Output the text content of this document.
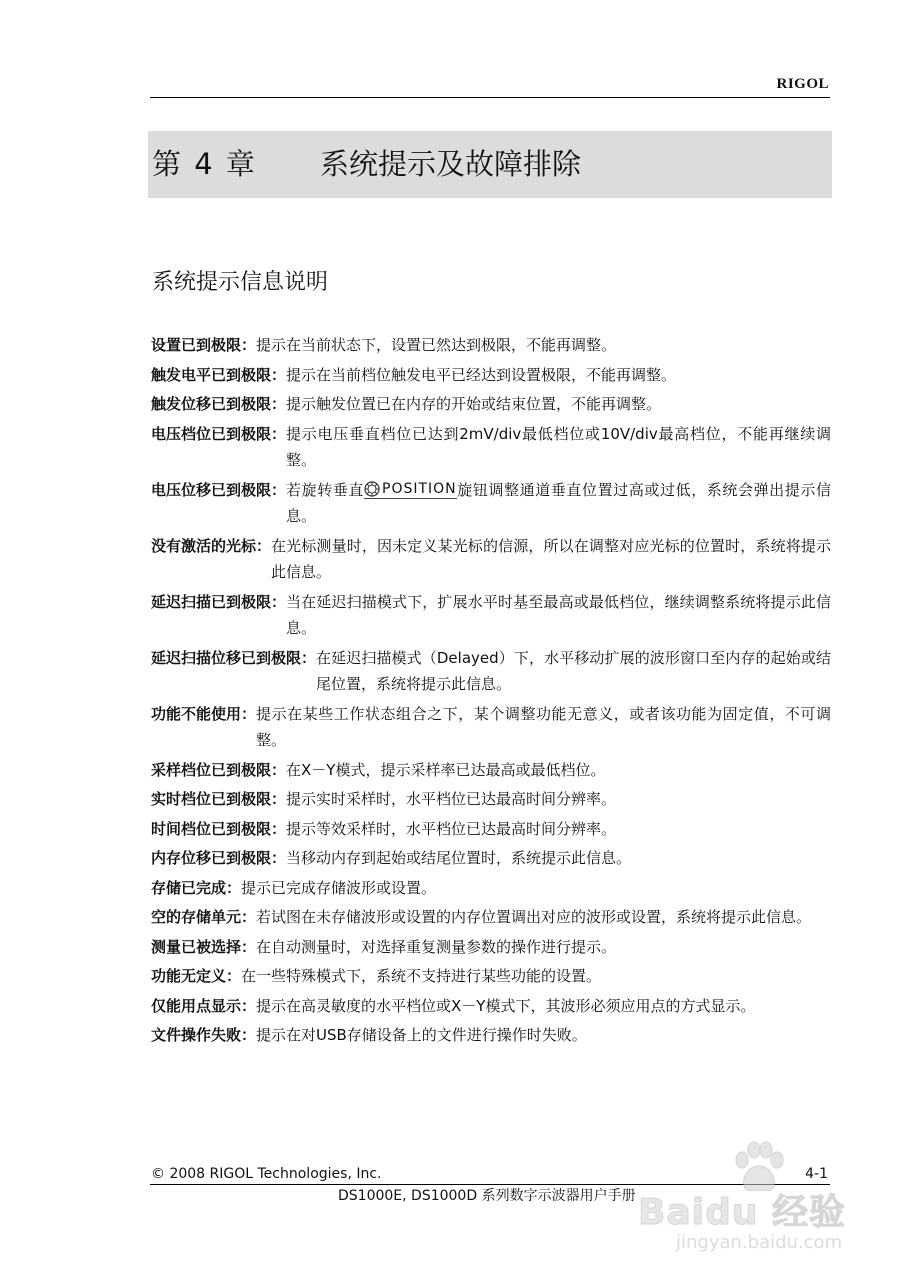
RIGOL
第 4 章 系统提示及故障排除
系统提示信息说明
设置已到极限： 提示在当前状态下，设置已然达到极限，不能再调整。
触发电平已到极限： 提示在当前档位触发电平已经达到设置极限，不能再调整。
触发位移已到极限： 提示触发位置已在内存的开始或结束位置，不能再调整。
电压档位已到极限： 提示电压垂直档位已达到2mV/div最低档位或10V/div最高档位，不能再继续调整。
电压位移已到极限： 若旋转垂直 POSITION 旋钮调整通道垂直位置过高或过低，系统会弹出提示信息。
没有激活的光标： 在光标测量时，因未定义某光标的信源，所以在调整对应光标的位置时，系统将提示此信息。
延迟扫描已到极限： 当在延迟扫描模式下，扩展水平时基至最高或最低档位，继续调整系统将提示此信息。
延迟扫描位移已到极限： 在延迟扫描模式（Delayed）下，水平移动扩展的波形窗口至内存的起始或结尾位置，系统将提示此信息。
功能不能使用： 提示在某些工作状态组合之下，某个调整功能无意义，或者该功能为固定值，不可调整。
采样档位已到极限： 在X－Y模式，提示采样率已达最高或最低档位。
实时档位已到极限： 提示实时采样时，水平档位已达最高时间分辨率。
时间档位已到极限： 提示等效采样时，水平档位已达最高时间分辨率。
内存位移已到极限： 当移动内存到起始或结尾位置时，系统提示此信息。
存储已完成： 提示已完成存储波形或设置。
空的存储单元： 若试图在未存储波形或设置的内存位置调出对应的波形或设置，系统将提示此信息。
测量已被选择： 在自动测量时，对选择重复测量参数的操作进行提示。
功能无定义： 在一些特殊模式下，系统不支持进行某些功能的设置。
仅能用点显示： 提示在高灵敏度的水平档位或X－Y模式下，其波形必须应用点的方式显示。
文件操作失败： 提示在对USB存储设备上的文件进行操作时失败。
© 2008 RIGOL Technologies, Inc.	4-1
DS1000E, DS1000D 系列数字示波器用户手册 Baidu 经验
jingyan.baidu.com
